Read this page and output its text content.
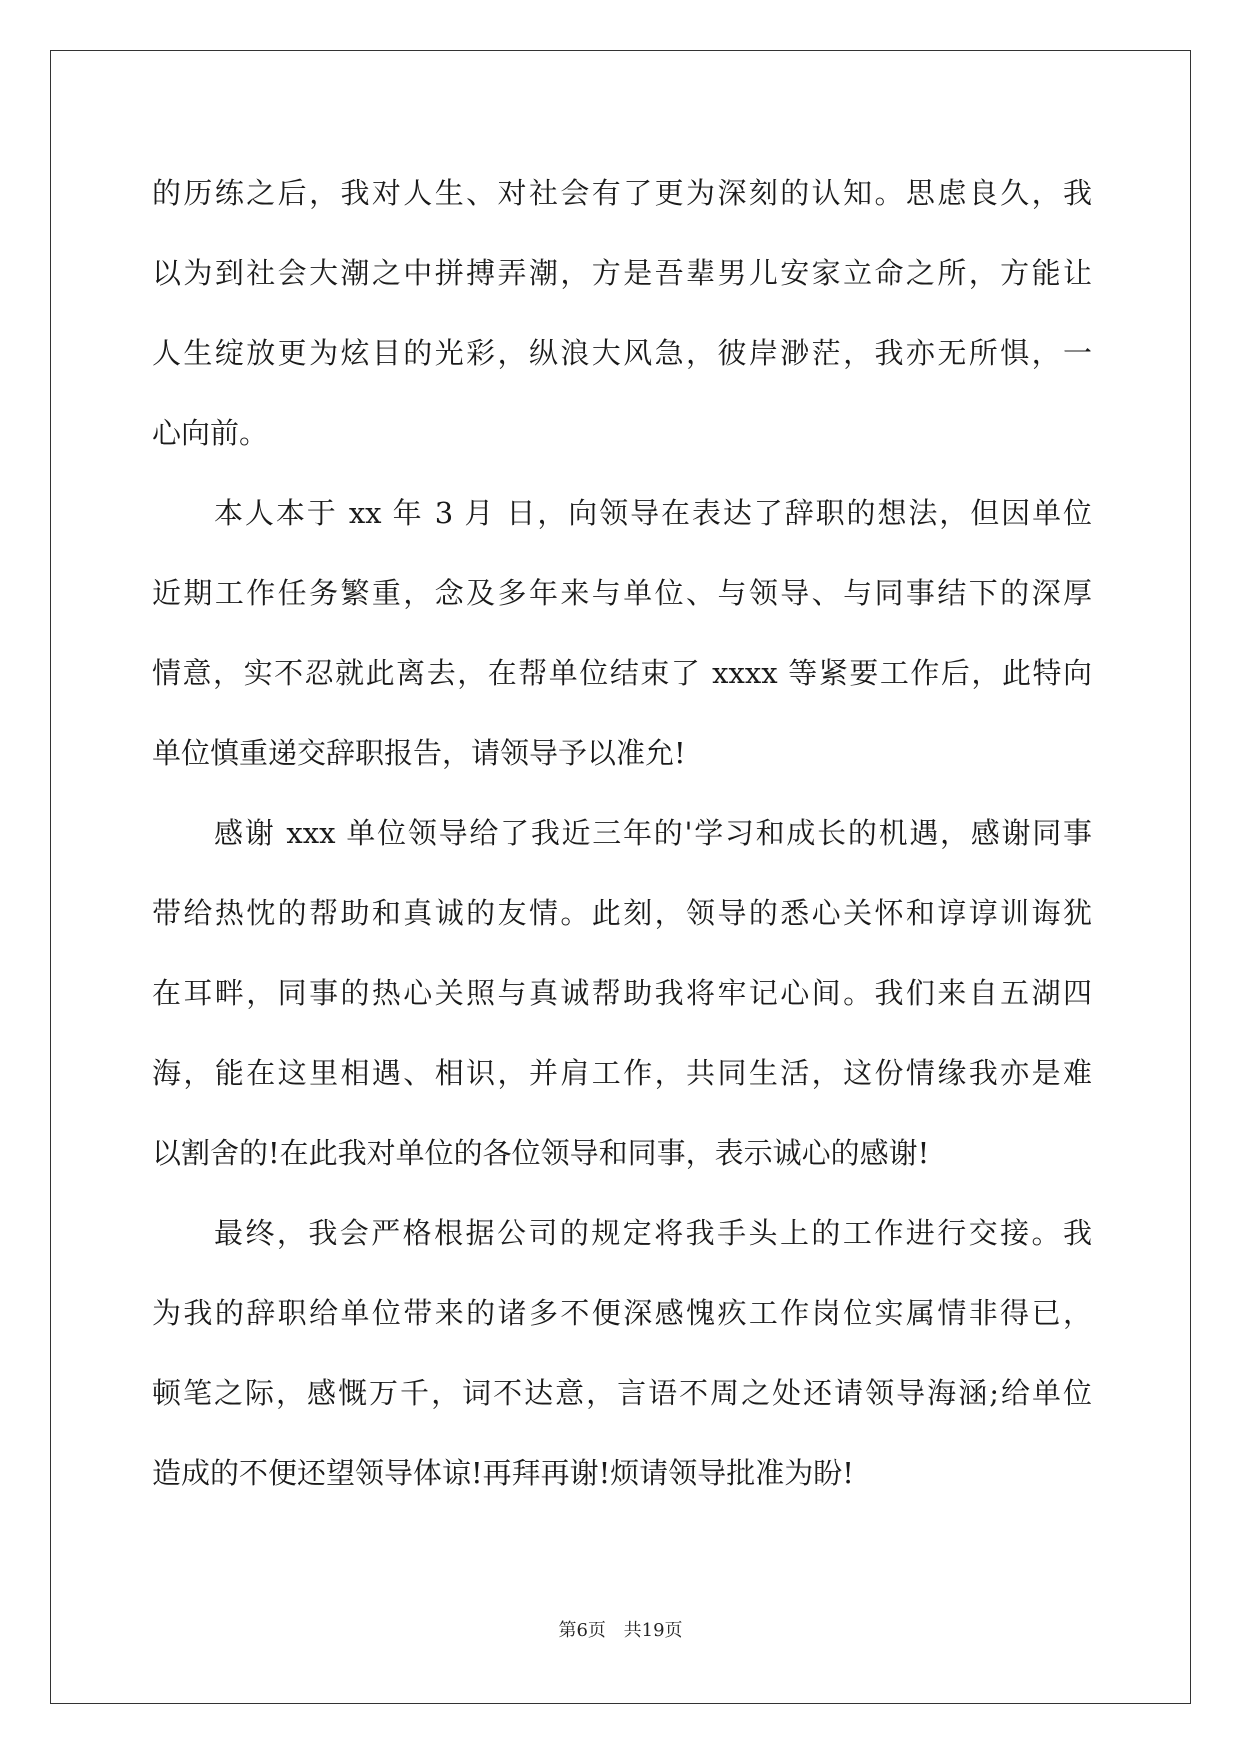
的历练之后，我对人生、对社会有了更为深刻的认知。思虑良久，我
以为到社会大潮之中拼搏弄潮，方是吾辈男儿安家立命之所，方能让
人生绽放更为炫目的光彩，纵浪大风急，彼岸渺茫，我亦无所惧，一
心向前。
本人本于 xx 年 3 月 日，向领导在表达了辞职的想法，但因单位
近期工作任务繁重，念及多年来与单位、与领导、与同事结下的深厚
情意，实不忍就此离去，在帮单位结束了 xxxx 等紧要工作后，此特向
单位慎重递交辞职报告，请领导予以准允!
感谢 xxx 单位领导给了我近三年的'学习和成长的机遇，感谢同事
带给热忱的帮助和真诚的友情。此刻，领导的悉心关怀和谆谆训诲犹
在耳畔，同事的热心关照与真诚帮助我将牢记心间。我们来自五湖四
海，能在这里相遇、相识，并肩工作，共同生活，这份情缘我亦是难
以割舍的!在此我对单位的各位领导和同事，表示诚心的感谢!
最终，我会严格根据公司的规定将我手头上的工作进行交接。我
为我的辞职给单位带来的诸多不便深感愧疚工作岗位实属情非得已，
顿笔之际，感慨万千，词不达意，言语不周之处还请领导海涵;给单位
造成的不便还望领导体谅!再拜再谢!烦请领导批准为盼!
第6页 共19页
